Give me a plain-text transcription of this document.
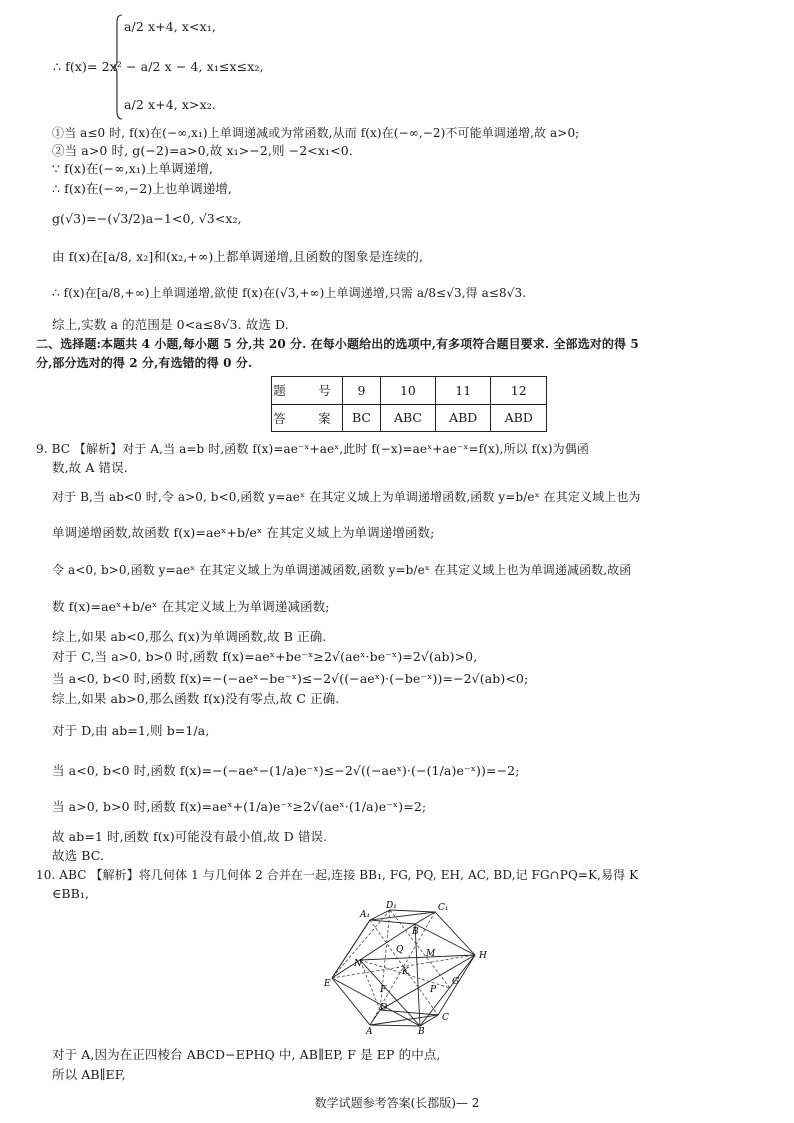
a/2 x+4, x<x₁,
∴ f(x)= 2x² − a/2 x − 4, x₁≤x≤x₂,
a/2 x+4, x>x₂.
①当 a≤0 时, f(x)在(−∞,x₁)上单调递减或为常函数,从而 f(x)在(−∞,−2)不可能单调递增,故 a>0;
②当 a>0 时, g(−2)=a>0,故 x₁>−2,则 −2<x₁<0.
∵ f(x)在(−∞,x₁)上单调递增,
∴ f(x)在(−∞,−2)上也单调递增,
g(√3)=−(√3/2)a−1<0, √3<x₂,
由 f(x)在[a/8, x₂]和(x₂,+∞)上都单调递增,且函数的图象是连续的,
∴ f(x)在[a/8,+∞)上单调递增,欲使 f(x)在(√3,+∞)上单调递增,只需 a/8≤√3,得 a≤8√3.
综上,实数 a 的范围是 0<a≤8√3. 故选 D.
二、选择题:本题共 4 小题,每小题 5 分,共 20 分. 在每小题给出的选项中,有多项符合题目要求. 全部选对的得 5
分,部分选对的得 2 分,有选错的得 0 分.
题　号	9	10	11	12
答　案	BC	ABC	ABD	ABD
9. BC 【解析】对于 A,当 a=b 时,函数 f(x)=ae⁻ˣ+aeˣ,此时 f(−x)=aeˣ+ae⁻ˣ=f(x),所以 f(x)为偶函
数,故 A 错误.
对于 B,当 ab<0 时,令 a>0, b<0,函数 y=aeˣ 在其定义域上为单调递增函数,函数 y=b/eˣ 在其定义域上也为
单调递增函数,故函数 f(x)=aeˣ+b/eˣ 在其定义域上为单调递增函数;
令 a<0, b>0,函数 y=aeˣ 在其定义域上为单调递减函数,函数 y=b/eˣ 在其定义域上也为单调递减函数,故函
数 f(x)=aeˣ+b/eˣ 在其定义域上为单调递减函数;
综上,如果 ab<0,那么 f(x)为单调函数,故 B 正确.
对于 C,当 a>0, b>0 时,函数 f(x)=aeˣ+be⁻ˣ≥2√(aeˣ·be⁻ˣ)=2√(ab)>0,
当 a<0, b<0 时,函数 f(x)=−(−aeˣ−be⁻ˣ)≤−2√((−aeˣ)·(−be⁻ˣ))=−2√(ab)<0;
综上,如果 ab>0,那么函数 f(x)没有零点,故 C 正确.
对于 D,由 ab=1,则 b=1/a,
当 a<0, b<0 时,函数 f(x)=−(−aeˣ−(1/a)e⁻ˣ)≤−2√((−aeˣ)·(−(1/a)e⁻ˣ))=−2;
当 a>0, b>0 时,函数 f(x)=aeˣ+(1/a)e⁻ˣ≥2√(aeˣ·(1/a)e⁻ˣ)=2;
故 ab=1 时,函数 f(x)可能没有最小值,故 D 错误.
故选 BC.
10. ABC 【解析】将几何体 1 与几何体 2 合并在一起,连接 BB₁, FG, PQ, EH, AC, BD,记 FG∩PQ=K,易得 K
∈BB₁,
A₁
D₁	C₁
B
Q	M
N
K
E
H
F	P
G
D
C
A	B
对于 A,因为在正四棱台 ABCD−EPHQ 中, AB∥EP, F 是 EP 的中点,
所以 AB∥EF,
数学试题参考答案(长郡版)— 2
